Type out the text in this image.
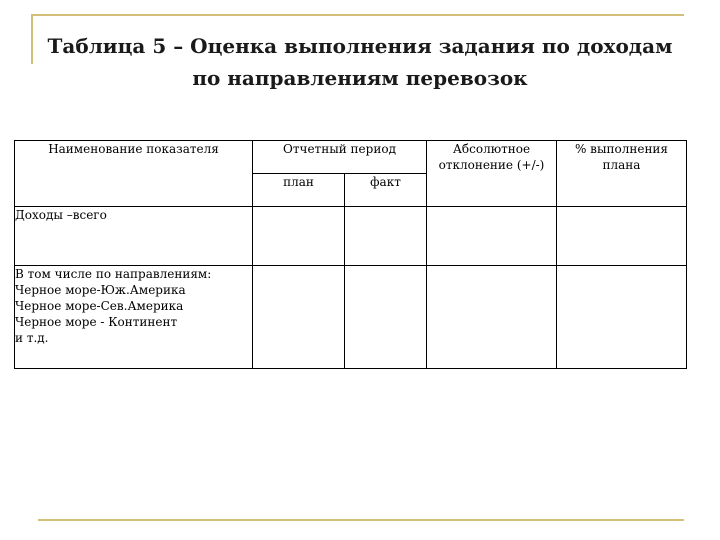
Таблица 5 – Оценка выполнения задания по доходам
по направлениям перевозок
Наименование показателя	Отчетный период		Абсолютное отклонение (+/-)	% выполнения плана
	план	факт		
Доходы –всего				

В том числе по направлениям:
Черное море-Юж.Америка
Черное море-Сев.Америка
Черное море - Континент
и т.д.				
